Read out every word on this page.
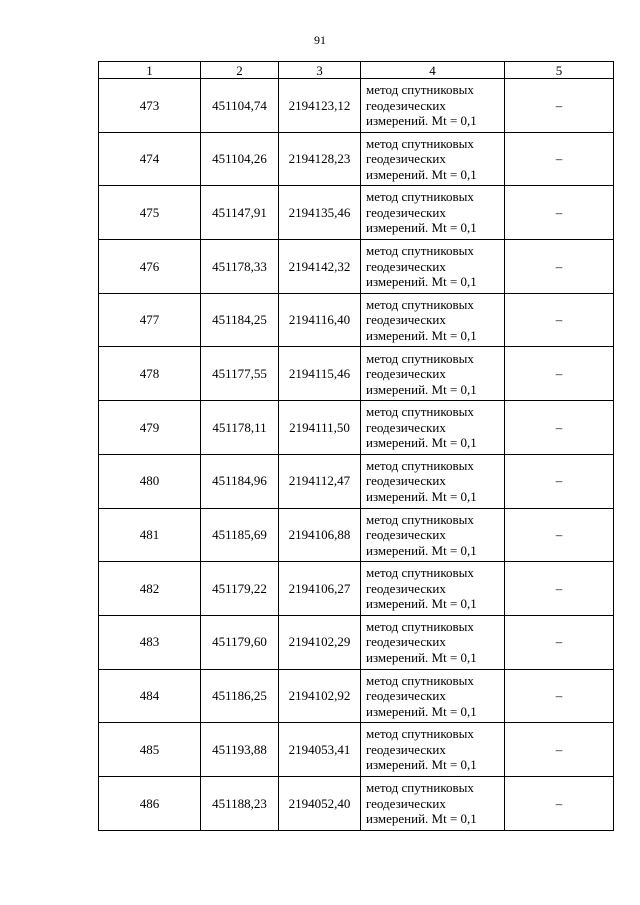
91
1	2	3	4	5
473	451104,74	2194123,12	метод спутниковых
геодезических
измерений. Mt = 0,1	–
474	451104,26	2194128,23	метод спутниковых
геодезических
измерений. Mt = 0,1	–
475	451147,91	2194135,46	метод спутниковых
геодезических
измерений. Mt = 0,1	–
476	451178,33	2194142,32	метод спутниковых
геодезических
измерений. Mt = 0,1	–
477	451184,25	2194116,40	метод спутниковых
геодезических
измерений. Mt = 0,1	–
478	451177,55	2194115,46	метод спутниковых
геодезических
измерений. Mt = 0,1	–
479	451178,11	2194111,50	метод спутниковых
геодезических
измерений. Mt = 0,1	–
480	451184,96	2194112,47	метод спутниковых
геодезических
измерений. Mt = 0,1	–
481	451185,69	2194106,88	метод спутниковых
геодезических
измерений. Mt = 0,1	–
482	451179,22	2194106,27	метод спутниковых
геодезических
измерений. Mt = 0,1	–
483	451179,60	2194102,29	метод спутниковых
геодезических
измерений. Mt = 0,1	–
484	451186,25	2194102,92	метод спутниковых
геодезических
измерений. Mt = 0,1	–
485	451193,88	2194053,41	метод спутниковых
геодезических
измерений. Mt = 0,1	–
486	451188,23	2194052,40	метод спутниковых
геодезических
измерений. Mt = 0,1	–
